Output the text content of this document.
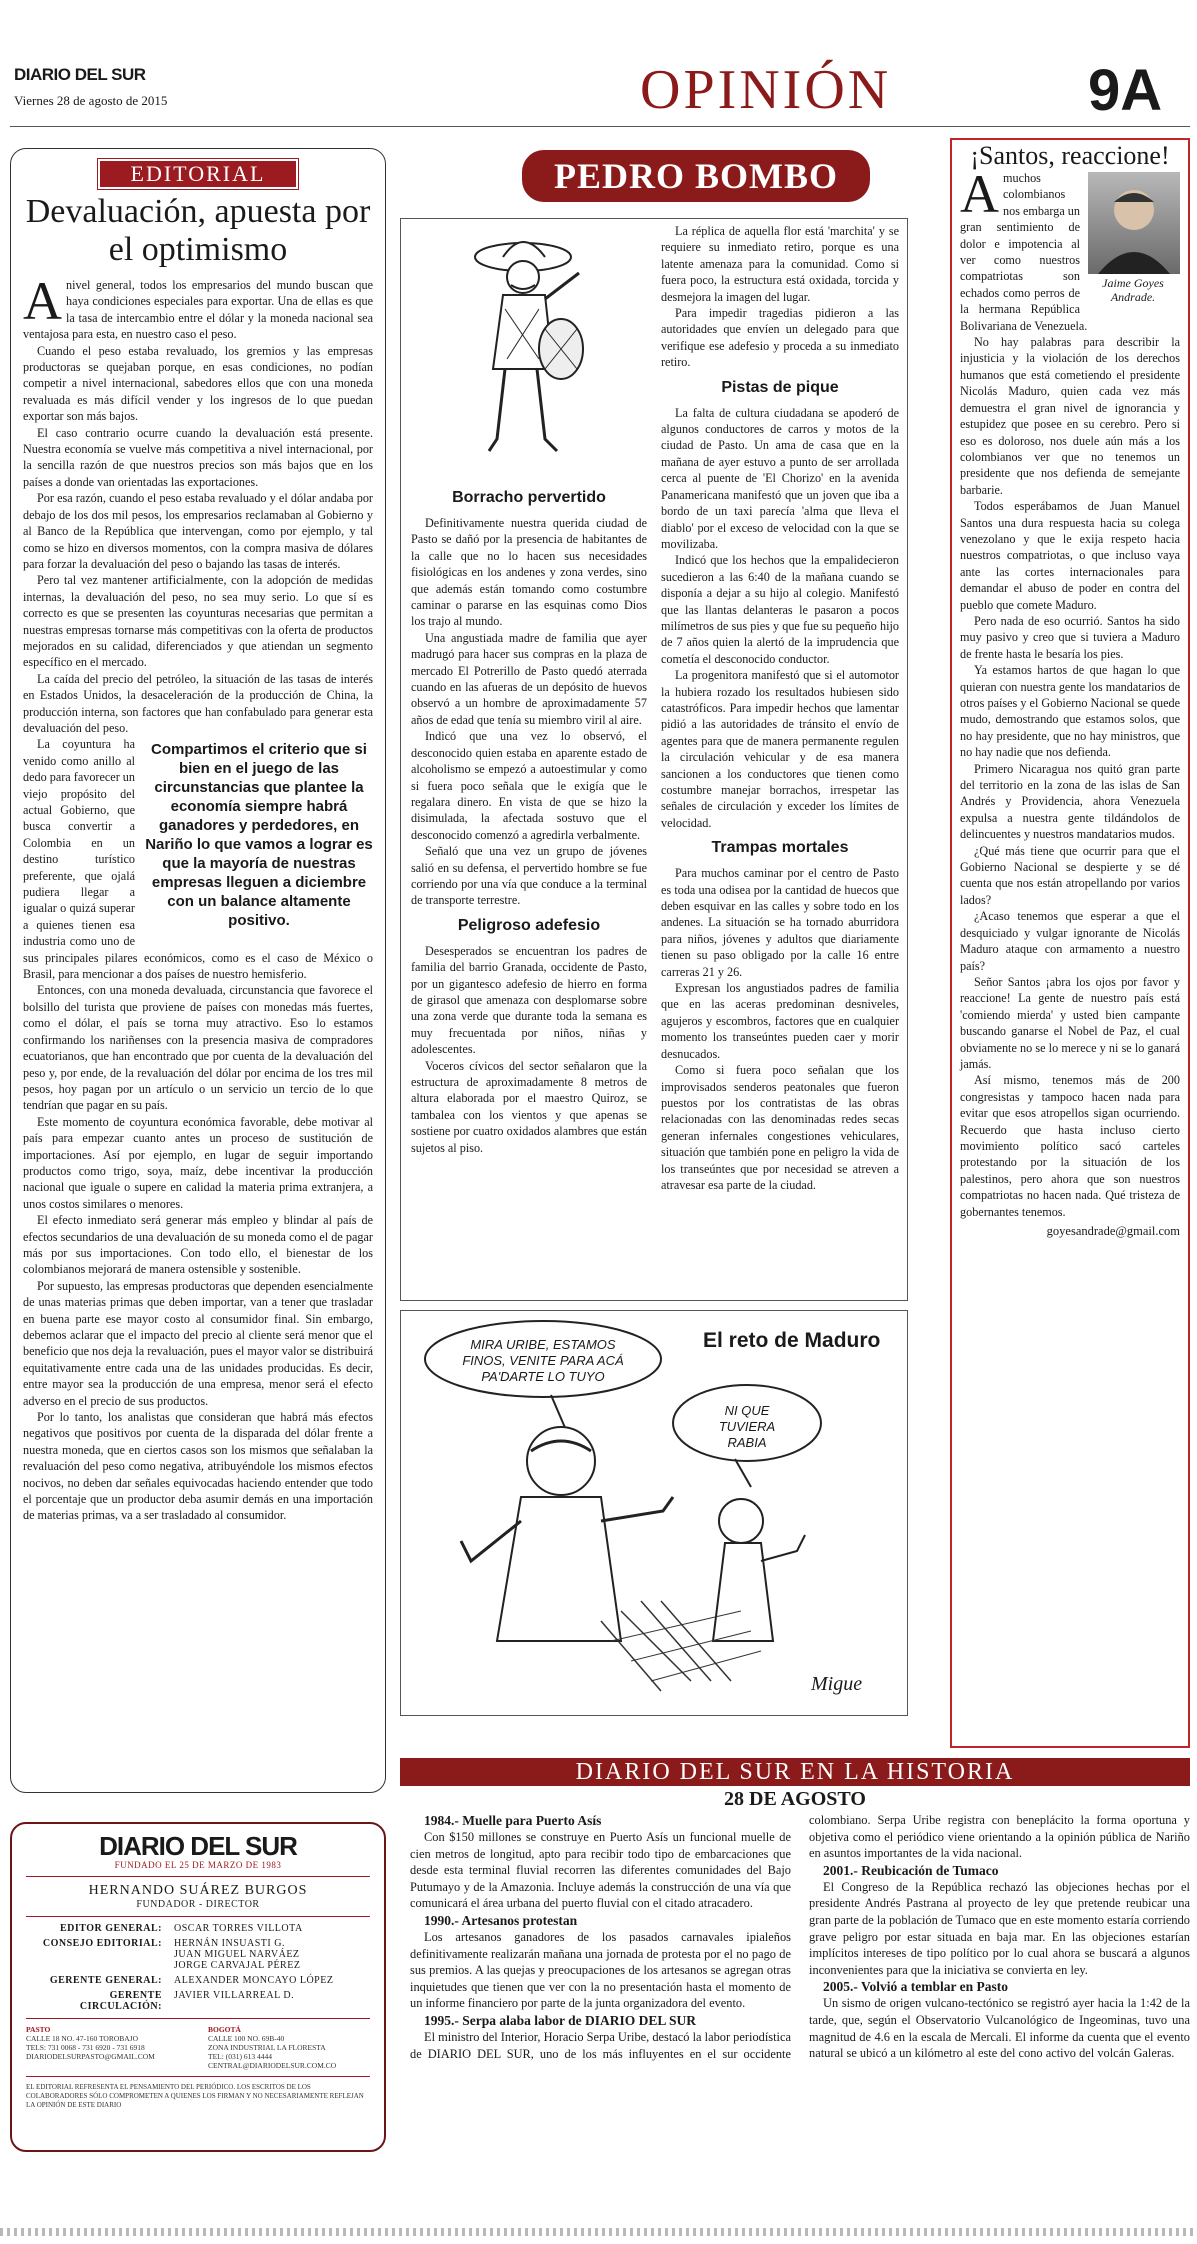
DIARIO DEL SUR
Viernes 28 de agosto de 2015	OPINIÓN	9A
EDITORIAL
Devaluación, apuesta por el optimismo

Anivel general, todos los empresarios del mundo buscan que haya condiciones especiales para exportar. Una de ellas es que la tasa de intercambio entre el dólar y la moneda nacional sea ventajosa para esta, en nuestro caso el peso.

Cuando el peso estaba revaluado, los gremios y las empresas productoras se quejaban porque, en esas condiciones, no podían competir a nivel internacional, sabedores ellos que con una moneda revaluada es más difícil vender y los ingresos de lo que puedan exportar son más bajos.

El caso contrario ocurre cuando la devaluación está presente. Nuestra economía se vuelve más competitiva a nivel internacional, por la sencilla razón de que nuestros precios son más bajos que en los países a donde van orientadas las exportaciones.

Por esa razón, cuando el peso estaba revaluado y el dólar andaba por debajo de los dos mil pesos, los empresarios reclamaban al Gobierno y al Banco de la República que intervengan, como por ejemplo, y tal como se hizo en diversos momentos, con la compra masiva de dólares para forzar la devaluación del peso o bajando las tasas de interés.

Pero tal vez mantener artificialmente, con la adopción de medidas internas, la devaluación del peso, no sea muy serio. Lo que sí es correcto es que se presenten las coyunturas necesarias que permitan a nuestras empresas tornarse más competitivas con la oferta de productos mejorados en su calidad, diferenciados y que atiendan un segmento específico en el mercado.

La caída del precio del petróleo, la situación de las tasas de interés en Estados Unidos, la desaceleración de la producción de China, la producción interna, son factores que han confabulado para generar esta devaluación del peso.

Compartimos el criterio que si bien en el juego de las circunstancias que plantee la economía siempre habrá ganadores y perdedores, en Nariño lo que vamos a lograr es que la mayoría de nuestras empresas lleguen a diciembre con un balance altamente positivo.

La coyuntura ha venido como anillo al dedo para favorecer un viejo propósito del actual Gobierno, que busca convertir a Colombia en un destino turístico preferente, que ojalá pudiera llegar a igualar o quizá superar a quienes tienen esa industria como uno de sus principales pilares económicos, como es el caso de México o Brasil, para mencionar a dos países de nuestro hemisferio.

Entonces, con una moneda devaluada, circunstancia que favorece el bolsillo del turista que proviene de países con monedas más fuertes, como el dólar, el país se torna muy atractivo. Eso lo estamos confirmando los nariñenses con la presencia masiva de compradores ecuatorianos, que han encontrado que por cuenta de la devaluación del peso y, por ende, de la revaluación del dólar por encima de los tres mil pesos, hoy pagan por un artículo o un servicio un tercio de lo que tendrían que pagar en su país.

Este momento de coyuntura económica favorable, debe motivar al país para empezar cuanto antes un proceso de sustitución de importaciones. Así por ejemplo, en lugar de seguir importando productos como trigo, soya, maíz, debe incentivar la producción nacional que iguale o supere en calidad la materia prima extranjera, a unos costos similares o menores.

El efecto inmediato será generar más empleo y blindar al país de efectos secundarios de una devaluación de su moneda como el de pagar más por sus importaciones. Con todo ello, el bienestar de los colombianos mejorará de manera ostensible y sostenible.

Por supuesto, las empresas productoras que dependen esencialmente de unas materias primas que deben importar, van a tener que trasladar en buena parte ese mayor costo al consumidor final. Sin embargo, debemos aclarar que el impacto del precio al cliente será menor que el beneficio que nos deja la revaluación, pues el mayor valor se distribuirá equitativamente entre cada una de las unidades producidas. Es decir, entre mayor sea la producción de una empresa, menor será el efecto adverso en el precio de sus productos.

Por lo tanto, los analistas que consideran que habrá más efectos negativos que positivos por cuenta de la disparada del dólar frente a nuestra moneda, que en ciertos casos son los mismos que señalaban la revaluación del peso como negativa, atribuyéndole los mismos efectos nocivos, no deben dar señales equivocadas haciendo entender que todo el porcentaje que un productor deba asumir demás en una importación de materias primas, va a ser trasladado al consumidor.

DIARIO DEL SUR
FUNDADO EL 25 DE MARZO DE 1983
HERNANDO SUÁREZ BURGOS
FUNDADOR - DIRECTOR
EDITOR GENERAL:	OSCAR TORRES VILLOTA
CONSEJO EDITORIAL:	HERNÁN INSUASTI G.
JUAN MIGUEL NARVÁEZ
JORGE CARVAJAL PÉREZ
GERENTE GENERAL:	ALEXANDER MONCAYO LÓPEZ
GERENTE CIRCULACIÓN:
JAVIER VILLARREAL D.
PASTO
CALLE 18 NO. 47-160 TOROBAJO
TELS: 731 0068 - 731 6920 - 731 6918
DIARIODELSURPASTO@GMAIL.COM
BOGOTÁ
CALLE 100 NO. 69B-40
ZONA INDUSTRIAL LA FLORESTA
TEL: (031) 613 4444
CENTRAL@DIARIODELSUR.COM.CO
EL EDITORIAL REFRESENTA EL PENSAMIENTO DEL PERIÓDICO. LOS ESCRITOS DE LOS COLABORADORES SÓLO COMPROMETEN A QUIENES LOS FIRMAN Y NO NECESARIAMENTE REFLEJAN LA OPINIÓN DE ESTE DIARIO
PEDRO BOMBO
Borracho pervertido

Definitivamente nuestra querida ciudad de Pasto se dañó por la presencia de habitantes de la calle que no lo hacen sus necesidades fisiológicas en los andenes y zona verdes, sino que además están tomando como costumbre caminar o pararse en las esquinas como Dios los trajo al mundo.

Una angustiada madre de familia que ayer madrugó para hacer sus compras en la plaza de mercado El Potrerillo de Pasto quedó aterrada cuando en las afueras de un depósito de huevos observó a un hombre de aproximadamente 57 años de edad que tenía su miembro viril al aire.

Indicó que una vez lo observó, el desconocido quien estaba en aparente estado de alcoholismo se empezó a autoestimular y como si fuera poco señala que le exigía que le regalara dinero. En vista de que se hizo la disimulada, la afectada sostuvo que el desconocido comenzó a agredirla verbalmente.

Señaló que una vez un grupo de jóvenes salió en su defensa, el pervertido hombre se fue corriendo por una vía que conduce a la terminal de transporte terrestre.

Peligroso adefesio

Desesperados se encuentran los padres de familia del barrio Granada, occidente de Pasto, por un gigantesco adefesio de hierro en forma de girasol que amenaza con desplomarse sobre una zona verde que durante toda la semana es muy frecuentada por niños, niñas y adolescentes.

Voceros cívicos del sector señalaron que la estructura de aproximadamente 8 metros de altura elaborada por el maestro Quiroz, se tambalea con los vientos y que apenas se sostiene por cuatro oxidados alambres que están sujetos al piso.

La réplica de aquella flor está 'marchita' y se requiere su inmediato retiro, porque es una latente amenaza para la comunidad. Como si fuera poco, la estructura está oxidada, torcida y desmejora la imagen del lugar.

Para impedir tragedias pidieron a las autoridades que envíen un delegado para que verifique ese adefesio y proceda a su inmediato retiro.

Pistas de pique

La falta de cultura ciudadana se apoderó de algunos conductores de carros y motos de la ciudad de Pasto. Un ama de casa que en la mañana de ayer estuvo a punto de ser arrollada cerca al puente de 'El Chorizo' en la avenida Panamericana manifestó que un joven que iba a bordo de un taxi parecía 'alma que lleva el diablo' por el exceso de velocidad con la que se movilizaba.

Indicó que los hechos que la empalidecieron sucedieron a las 6:40 de la mañana cuando se disponía a dejar a su hijo al colegio. Manifestó que las llantas delanteras le pasaron a pocos milímetros de sus pies y que fue su pequeño hijo de 7 años quien la alertó de la imprudencia que cometía el desconocido conductor.

La progenitora manifestó que si el automotor la hubiera rozado los resultados hubiesen sido catastróficos. Para impedir hechos que lamentar pidió a las autoridades de tránsito el envío de agentes para que de manera permanente regulen la circulación vehicular y de esa manera sancionen a los conductores que tienen como costumbre manejar borrachos, irrespetar las señales de circulación y exceder los límites de velocidad.

Trampas mortales

Para muchos caminar por el centro de Pasto es toda una odisea por la cantidad de huecos que deben esquivar en las calles y sobre todo en los andenes. La situación se ha tornado aburridora para niños, jóvenes y adultos que diariamente tienen su paso obligado por la calle 16 entre carreras 21 y 26.

Expresan los angustiados padres de familia que en las aceras predominan desniveles, agujeros y escombros, factores que en cualquier momento los transeúntes pueden caer y morir desnucados.

Como si fuera poco señalan que los improvisados senderos peatonales que fueron puestos por los contratistas de las obras relacionadas con las denominadas redes secas generan infernales congestiones vehiculares, situación que también pone en peligro la vida de los transeúntes que por necesidad se atreven a atravesar esa parte de la ciudad.

El reto de Maduro
MIRA URIBE, ESTAMOS FINOS, VENITE PARA ACÁ PA'DARTE LO TUYO
NI QUE TUVIERA RABIA
Migue
¡Santos, reaccione!
Jaime Goyes Andrade.

Amuchos colombianos nos embarga un gran sentimiento de dolor e impotencia al ver como nuestros compatriotas son echados como perros de la hermana República Bolivariana de Venezuela.

No hay palabras para describir la injusticia y la violación de los derechos humanos que está cometiendo el presidente Nicolás Maduro, quien cada vez más demuestra el gran nivel de ignorancia y estupidez que posee en su cerebro. Pero si eso es doloroso, nos duele aún más a los colombianos ver que no tenemos un presidente que nos defienda de semejante barbarie.

Todos esperábamos de Juan Manuel Santos una dura respuesta hacia su colega venezolano y que le exija respeto hacia nuestros compatriotas, o que incluso vaya ante las cortes internacionales para demandar el abuso de poder en contra del pueblo que comete Maduro.

Pero nada de eso ocurrió. Santos ha sido muy pasivo y creo que si tuviera a Maduro de frente hasta le besaría los pies.

Ya estamos hartos de que hagan lo que quieran con nuestra gente los mandatarios de otros países y el Gobierno Nacional se quede mudo, demostrando que estamos solos, que no hay presidente, que no hay ministros, que no hay nadie que nos defienda.

Primero Nicaragua nos quitó gran parte del territorio en la zona de las islas de San Andrés y Providencia, ahora Venezuela expulsa a nuestra gente tildándolos de delincuentes y nuestros mandatarios mudos.

¿Qué más tiene que ocurrir para que el Gobierno Nacional se despierte y se dé cuenta que nos están atropellando por varios lados?

¿Acaso tenemos que esperar a que el desquiciado y vulgar ignorante de Nicolás Maduro ataque con armamento a nuestro país?

Señor Santos ¡abra los ojos por favor y reaccione! La gente de nuestro país está 'comiendo mierda' y usted bien campante buscando ganarse el Nobel de Paz, el cual obviamente no se lo merece y ni se lo ganará jamás.

Así mismo, tenemos más de 200 congresistas y tampoco hacen nada para evitar que esos atropellos sigan ocurriendo. Recuerdo que hasta incluso cierto movimiento político sacó carteles protestando por la situación de los palestinos, pero ahora que son nuestros compatriotas no hacen nada. Qué tristeza de gobernantes tenemos.

goyesandrade@gmail.com
DIARIO DEL SUR EN LA HISTORIA
28 DE AGOSTO
1984.- Muelle para Puerto Asís

Con $150 millones se construye en Puerto Asís un funcional muelle de cien metros de longitud, apto para recibir todo tipo de embarcaciones que desde esta terminal fluvial recorren las diferentes comunidades del Bajo Putumayo y de la Amazonia. Incluye además la construcción de una vía que comunicará el área urbana del puerto fluvial con el citado atracadero.

1990.- Artesanos protestan

Los artesanos ganadores de los pasados carnavales ipialeños definitivamente realizarán mañana una jornada de protesta por el no pago de sus premios. A las quejas y preocupaciones de los artesanos se agregan otras inquietudes que tienen que ver con la no presentación hasta el momento de un informe financiero por parte de la junta organizadora del evento.

1995.- Serpa alaba labor de DIARIO DEL SUR

El ministro del Interior, Horacio Serpa Uribe, destacó la labor periodística de DIARIO DEL SUR, uno de los más influyentes en el sur occidente colombiano. Serpa Uribe registra con beneplácito la forma oportuna y objetiva como el periódico viene orientando a la opinión pública de Nariño en asuntos importantes de la vida nacional.

2001.- Reubicación de Tumaco

El Congreso de la República rechazó las objeciones hechas por el presidente Andrés Pastrana al proyecto de ley que pretende reubicar una gran parte de la población de Tumaco que en este momento estaría corriendo grave peligro por estar situada en baja mar. En las objeciones estarían implícitos intereses de tipo político por lo cual ahora se buscará a algunos inconvenientes para que la iniciativa se convierta en ley.

2005.- Volvió a temblar en Pasto

Un sismo de origen vulcano-tectónico se registró ayer hacia la 1:42 de la tarde, que, según el Observatorio Vulcanológico de Ingeominas, tuvo una magnitud de 4.6 en la escala de Mercali. El informe da cuenta que el evento natural se ubicó a un kilómetro al este del cono activo del volcán Galeras.
